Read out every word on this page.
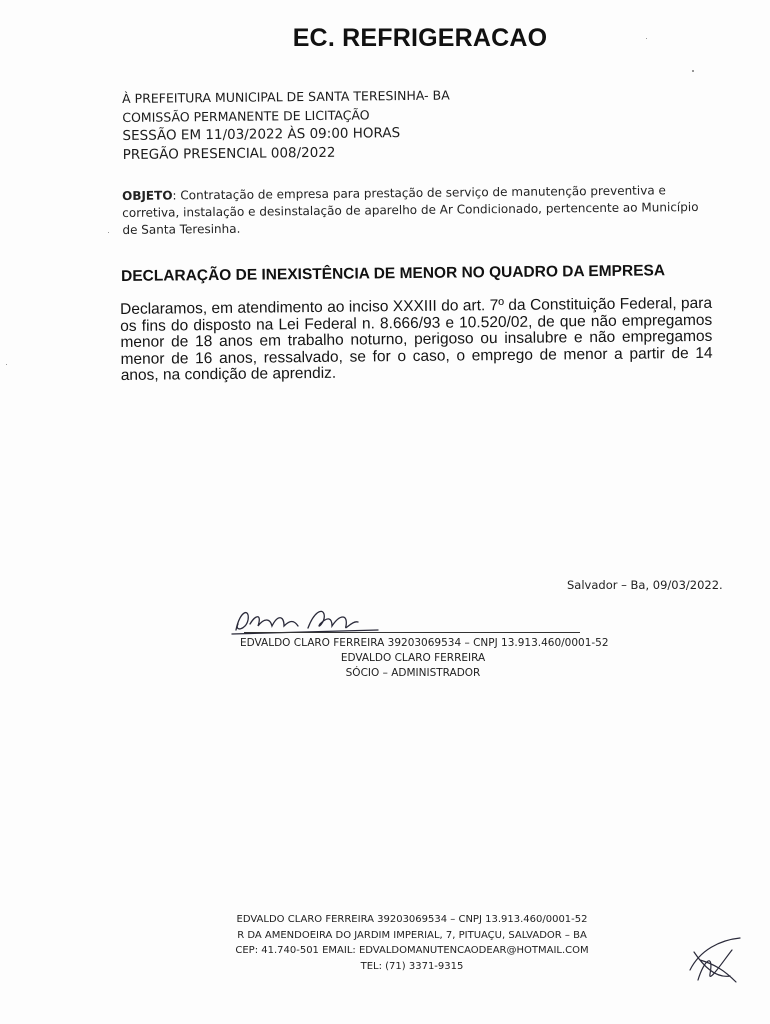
EC. REFRIGERACAO
À PREFEITURA MUNICIPAL DE SANTA TERESINHA- BA
COMISSÃO PERMANENTE DE LICITAÇÃO
SESSÃO EM 11/03/2022 ÀS 09:00 HORAS
PREGÃO PRESENCIAL 008/2022
OBJETO: Contratação de empresa para prestação de serviço de manutenção preventiva e corretiva, instalação e desinstalação de aparelho de Ar Condicionado, pertencente ao Município de Santa Teresinha.
DECLARAÇÃO DE INEXISTÊNCIA DE MENOR NO QUADRO DA EMPRESA
Declaramos, em atendimento ao inciso XXXIII do art. 7º da Constituição Federal, para os fins do disposto na Lei Federal n. 8.666/93 e 10.520/02, de que não empregamos menor de 18 anos em trabalho noturno, perigoso ou insalubre e não empregamos menor de 16 anos, ressalvado, se for o caso, o emprego de menor a partir de 14 anos, na condição de aprendiz.
Salvador – Ba, 09/03/2022.
EDVALDO CLARO FERREIRA 39203069534 – CNPJ 13.913.460/0001-52
EDVALDO CLARO FERREIRA
SÓCIO – ADMINISTRADOR
EDVALDO CLARO FERREIRA 39203069534 – CNPJ 13.913.460/0001-52
R DA AMENDOEIRA DO JARDIM IMPERIAL, 7, PITUAÇU, SALVADOR – BA
CEP: 41.740-501 EMAIL: EDVALDOMANUTENCAODEAR@HOTMAIL.COM
TEL: (71) 3371-9315
